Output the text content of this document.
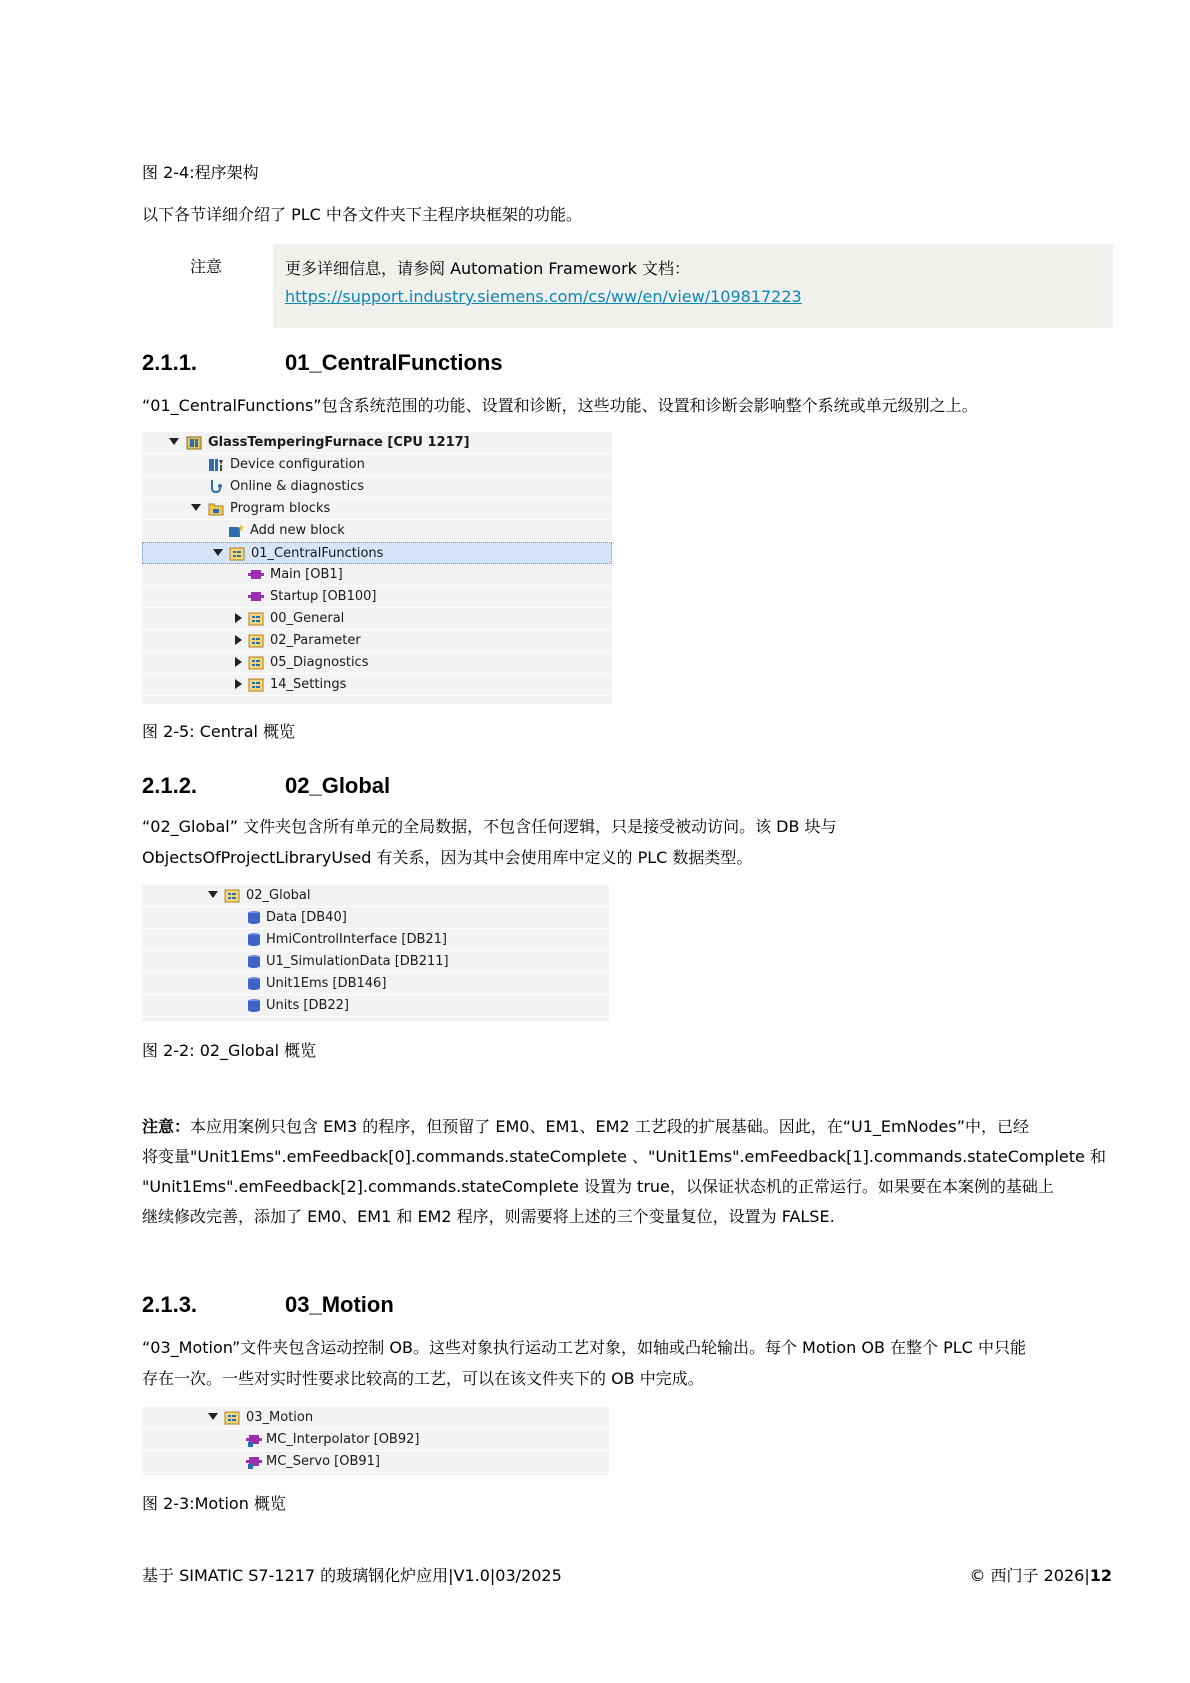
图 2-4:程序架构
以下各节详细介绍了 PLC 中各文件夹下主程序块框架的功能。
注意	更多详细信息，请参阅 Automation Framework 文档：
https://support.industry.siemens.com/cs/ww/en/view/109817223
2.1.1.	01_CentralFunctions
“01_CentralFunctions”包含系统范围的功能、设置和诊断，这些功能、设置和诊断会影响整个系统或单元级别之上。
GlassTemperingFurnace [CPU 1217]
Device configuration
Online & diagnostics
Program blocks
Add new block
01_CentralFunctions
Main [OB1]
Startup [OB100]
00_General
02_Parameter
05_Diagnostics
14_Settings
图 2-5: Central 概览
2.1.2.	02_Global
“02_Global” 文件夹包含所有单元的全局数据，不包含任何逻辑，只是接受被动访问。该 DB 块与
ObjectsOfProjectLibraryUsed 有关系，因为其中会使用库中定义的 PLC 数据类型。
02_Global
Data [DB40]
HmiControlInterface [DB21]
U1_SimulationData [DB211]
Unit1Ems [DB146]
Units [DB22]
图 2-2: 02_Global 概览
注意：本应用案例只包含 EM3 的程序，但预留了 EM0、EM1、EM2 工艺段的扩展基础。因此，在“U1_EmNodes”中，已经
将变量"Unit1Ems".emFeedback[0].commands.stateComplete 、"Unit1Ems".emFeedback[1].commands.stateComplete 和
"Unit1Ems".emFeedback[2].commands.stateComplete 设置为 true，以保证状态机的正常运行。如果要在本案例的基础上
继续修改完善，添加了 EM0、EM1 和 EM2 程序，则需要将上述的三个变量复位，设置为 FALSE.
2.1.3.	03_Motion
“03_Motion”文件夹包含运动控制 OB。这些对象执行运动工艺对象，如轴或凸轮输出。每个 Motion OB 在整个 PLC 中只能
存在一次。一些对实时性要求比较高的工艺，可以在该文件夹下的 OB 中完成。
03_Motion
MC_Interpolator [OB92]
MC_Servo [OB91]
图 2-3:Motion 概览
基于 SIMATIC S7-1217 的玻璃钢化炉应用|V1.0|03/2025	© 西门子 2026|12
